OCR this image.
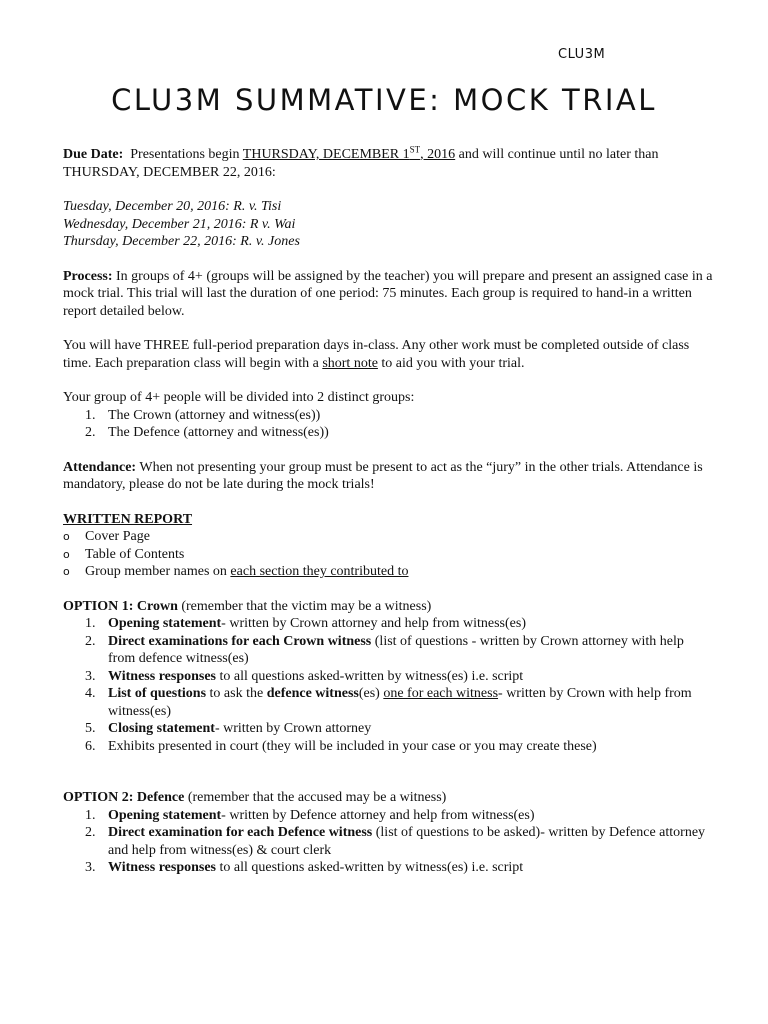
CLU3M
CLU3M SUMMATIVE: MOCK TRIAL

Due Date: Presentations begin THURSDAY, DECEMBER 1ST, 2016 and will continue until no later than THURSDAY, DECEMBER 22, 2016:

Tuesday, December 20, 2016: R. v. Tisi

Wednesday, December 21, 2016: R v. Wai

Thursday, December 22, 2016: R. v. Jones

Process: In groups of 4+ (groups will be assigned by the teacher) you will prepare and present an assigned case in a mock trial. This trial will last the duration of one period: 75 minutes. Each group is required to hand-in a written report detailed below.

You will have THREE full-period preparation days in-class. Any other work must be completed outside of class time. Each preparation class will begin with a short note to aid you with your trial.

Your group of 4+ people will be divided into 2 distinct groups:

1. The Crown (attorney and witness(es))
2. The Defence (attorney and witness(es))

Attendance: When not presenting your group must be present to act as the “jury” in the other trials. Attendance is mandatory, please do not be late during the mock trials!

WRITTEN REPORT

o Cover Page
o Table of Contents
o Group member names on each section they contributed to

OPTION 1: Crown (remember that the victim may be a witness)

1. Opening statement- written by Crown attorney and help from witness(es)
2. Direct examinations for each Crown witness (list of questions - written by Crown attorney with help from defence witness(es)
3. Witness responses to all questions asked-written by witness(es) i.e. script
4. List of questions to ask the defence witness(es) one for each witness- written by Crown with help from witness(es)
5. Closing statement- written by Crown attorney
6. Exhibits presented in court (they will be included in your case or you may create these)

OPTION 2: Defence (remember that the accused may be a witness)

1. Opening statement- written by Defence attorney and help from witness(es)
2. Direct examination for each Defence witness (list of questions to be asked)- written by Defence attorney and help from witness(es) & court clerk
3. Witness responses to all questions asked-written by witness(es) i.e. script
